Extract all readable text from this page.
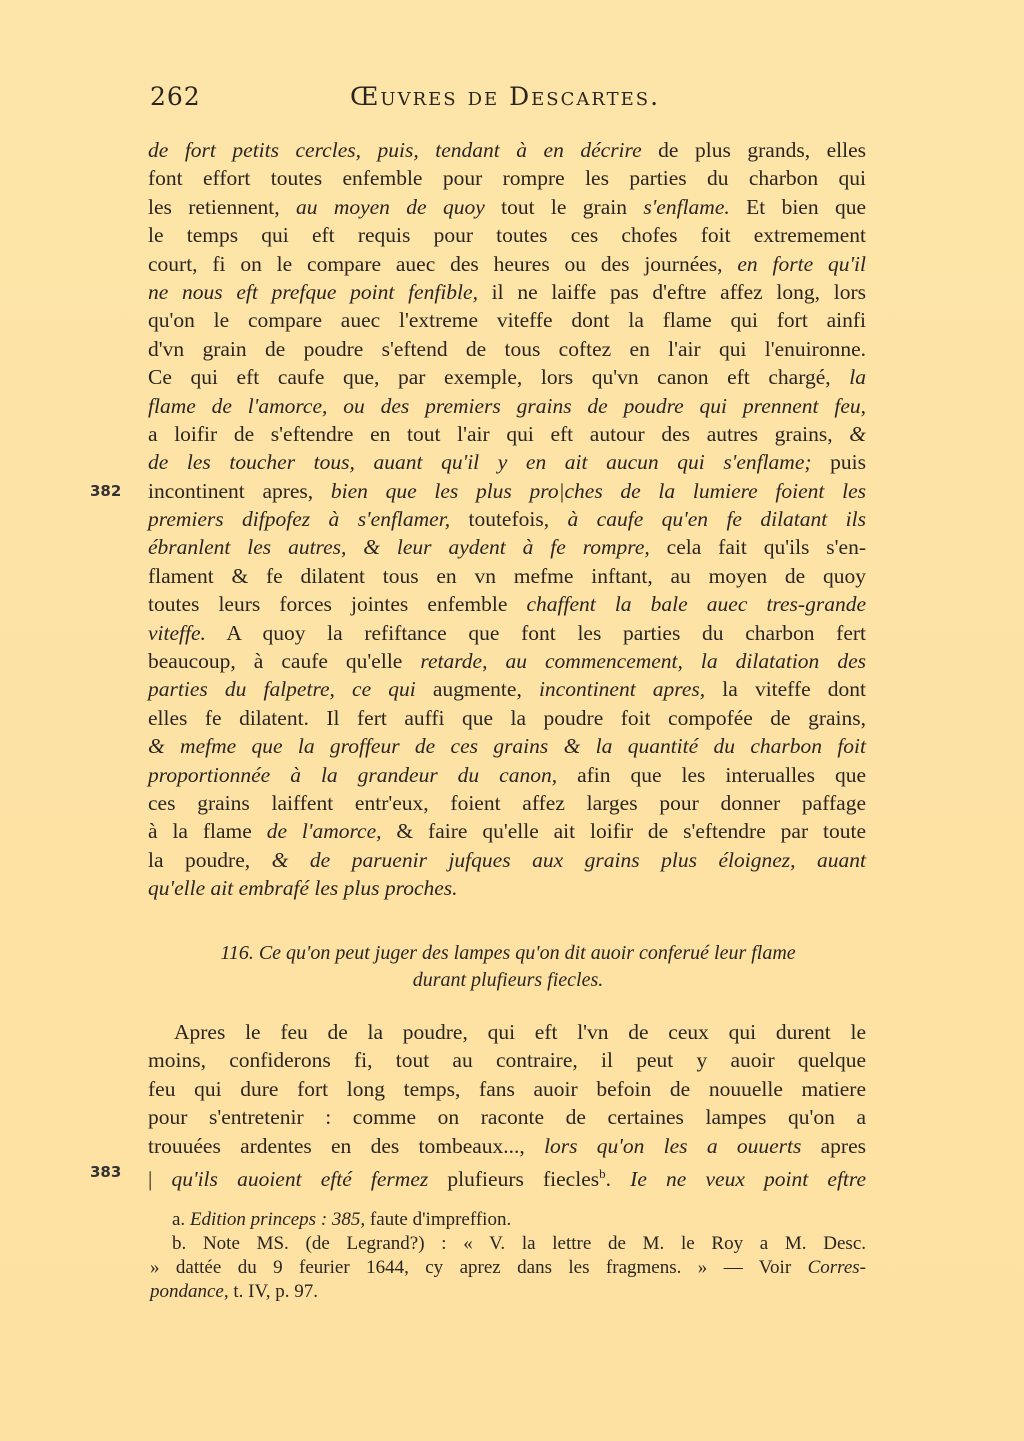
262	Œuvres de Descartes.
de fort petits cercles, puis, tendant à en décrire de plus grands, elles
font effort toutes enfemble pour rompre les parties du charbon qui
les retiennent, au moyen de quoy tout le grain s'enflame. Et bien que
le temps qui eft requis pour toutes ces chofes foit extremement
court, fi on le compare auec des heures ou des journées, en forte qu'il
ne nous eft prefque point fenfible, il ne laiffe pas d'eftre affez long, lors
qu'on le compare auec l'extreme viteffe dont la flame qui fort ainfi
d'vn grain de poudre s'eftend de tous coftez en l'air qui l'enuironne.
Ce qui eft caufe que, par exemple, lors qu'vn canon eft chargé, la
flame de l'amorce, ou des premiers grains de poudre qui prennent feu,
a loifir de s'eftendre en tout l'air qui eft autour des autres grains, &
de les toucher tous, auant qu'il y en ait aucun qui s'enflame; puis
incontinent apres, bien que les plus pro|ches de la lumiere foient les
premiers difpofez à s'enflamer, toutefois, à caufe qu'en fe dilatant ils
ébranlent les autres, & leur aydent à fe rompre, cela fait qu'ils s'en-
flament & fe dilatent tous en vn mefme inftant, au moyen de quoy
toutes leurs forces jointes enfemble chaffent la bale auec tres-grande
viteffe. A quoy la refiftance que font les parties du charbon fert
beaucoup, à caufe qu'elle retarde, au commencement, la dilatation des
parties du falpetre, ce qui augmente, incontinent apres, la viteffe dont
elles fe dilatent. Il fert auffi que la poudre foit compofée de grains,
& mefme que la groffeur de ces grains & la quantité du charbon foit
proportionnée à la grandeur du canon, afin que les interualles que
ces grains laiffent entr'eux, foient affez larges pour donner paffage
à la flame de l'amorce, & faire qu'elle ait loifir de s'eftendre par toute
la poudre, & de paruenir jufques aux grains plus éloignez, auant
qu'elle ait embrafé les plus proches.
382
116. Ce qu'on peut juger des lampes qu'on dit auoir conferué leur flame
durant plufieurs fiecles.
Apres le feu de la poudre, qui eft l'vn de ceux qui durent le
moins, confiderons fi, tout au contraire, il peut y auoir quelque
feu qui dure fort long temps, fans auoir befoin de nouuelle matiere
pour s'entretenir : comme on raconte de certaines lampes qu'on a
trouuées ardentes en des tombeaux..., lors qu'on les a ouuerts apres
| qu'ils auoient efté fermez plufieurs fiecles$^b$. Ie ne veux point eftre
383
a. Edition princeps : 385, faute d'impreffion.
b. Note MS. (de Legrand?) : « V. la lettre de M. le Roy a M. Desc.
» dattée du 9 feurier 1644, cy aprez dans les fragmens. » — Voir Corres-
pondance, t. IV, p. 97.
